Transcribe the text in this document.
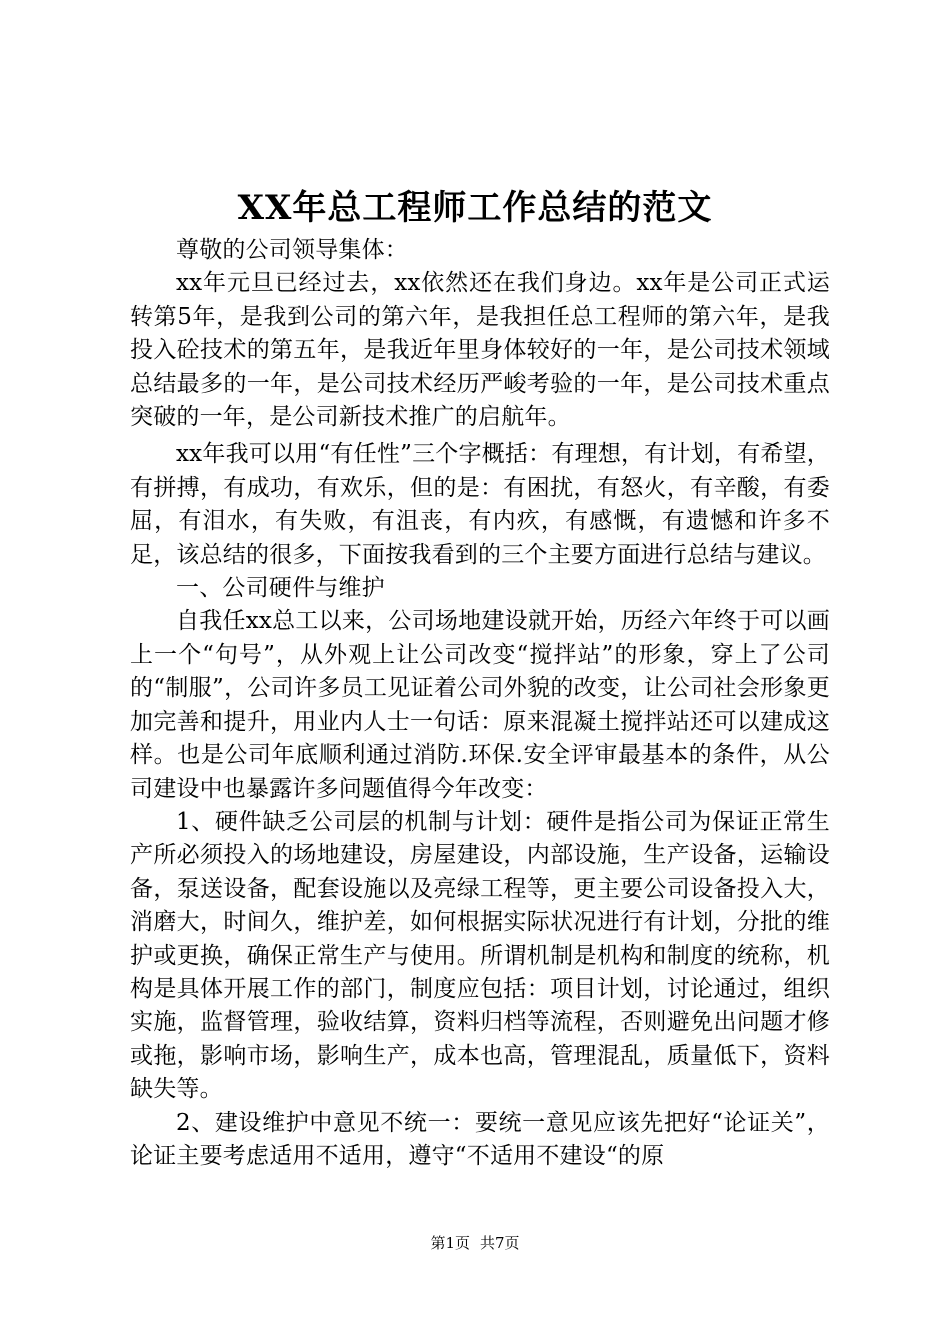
XX年总工程师工作总结的范文

尊敬的公司领导集体：

xx年元旦已经过去，xx依然还在我们身边。xx年是公司正式运转第5年，是我到公司的第六年，是我担任总工程师的第六年，是我投入砼技术的第五年，是我近年里身体较好的一年，是公司技术领域总结最多的一年，是公司技术经历严峻考验的一年，是公司技术重点突破的一年，是公司新技术推广的启航年。

xx年我可以用“有任性”三个字概括：有理想，有计划，有希望，有拼搏，有成功，有欢乐，但的是：有困扰，有怒火，有辛酸，有委屈，有泪水，有失败，有沮丧，有内疚，有感慨，有遗憾和许多不足，该总结的很多，下面按我看到的三个主要方面进行总结与建议。

一、公司硬件与维护

自我任xx总工以来，公司场地建设就开始，历经六年终于可以画上一个“句号”，从外观上让公司改变“搅拌站”的形象，穿上了公司的“制服”，公司许多员工见证着公司外貌的改变，让公司社会形象更加完善和提升，用业内人士一句话：原来混凝土搅拌站还可以建成这样。也是公司年底顺利通过消防.环保.安全评审最基本的条件，从公司建设中也暴露许多问题值得今年改变：

1、硬件缺乏公司层的机制与计划：硬件是指公司为保证正常生产所必须投入的场地建设，房屋建设，内部设施，生产设备，运输设备，泵送设备，配套设施以及亮绿工程等，更主要公司设备投入大，消磨大，时间久，维护差，如何根据实际状况进行有计划，分批的维护或更换，确保正常生产与使用。所谓机制是机构和制度的统称，机构是具体开展工作的部门，制度应包括：项目计划，讨论通过，组织实施，监督管理，验收结算，资料归档等流程，否则避免出问题才修或拖，影响市场，影响生产，成本也高，管理混乱，质量低下，资料缺失等。

2、建设维护中意见不统一：要统一意见应该先把好“论证关”，论证主要考虑适用不适用，遵守“不适用不建设“的原

第1页 共7页
